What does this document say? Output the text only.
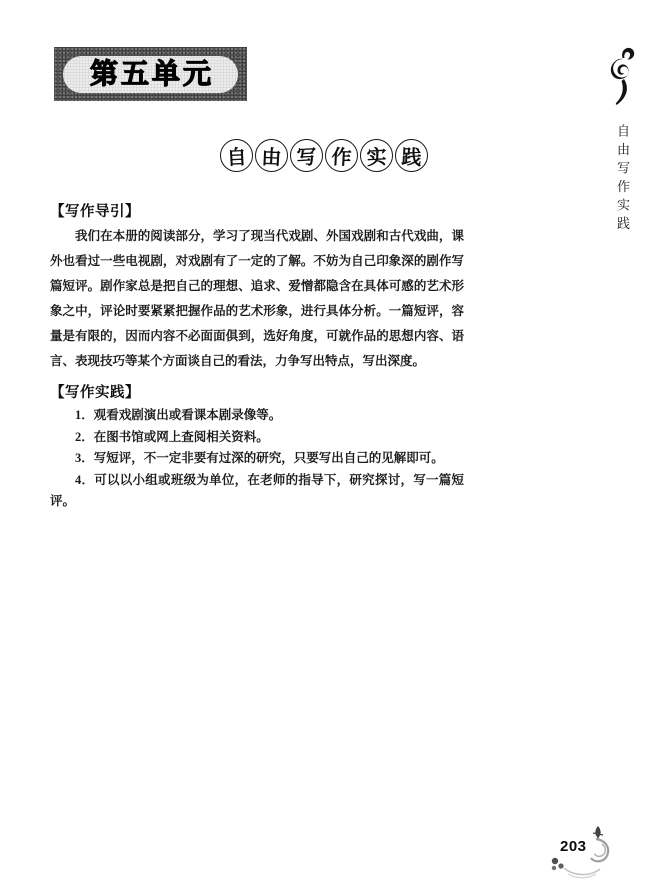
第五单元
自由写作实践
自 由 写 作 实 践
【写作导引】

我们在本册的阅读部分，学习了现当代戏剧、外国戏剧和古代戏曲，课外也看过一些电视剧，对戏剧有了一定的了解。不妨为自己印象深的剧作写篇短评。剧作家总是把自己的理想、追求、爱憎都隐含在具体可感的艺术形象之中，评论时要紧紧把握作品的艺术形象，进行具体分析。一篇短评，容量是有限的，因而内容不必面面俱到，选好角度，可就作品的思想内容、语言、表现技巧等某个方面谈自己的看法，力争写出特点，写出深度。

【写作实践】
1．观看戏剧演出或看课本剧录像等。
2．在图书馆或网上查阅相关资料。
3．写短评，不一定非要有过深的研究，只要写出自己的见解即可。
4．可以以小组或班级为单位，在老师的指导下，研究探讨，写一篇短评。
203
